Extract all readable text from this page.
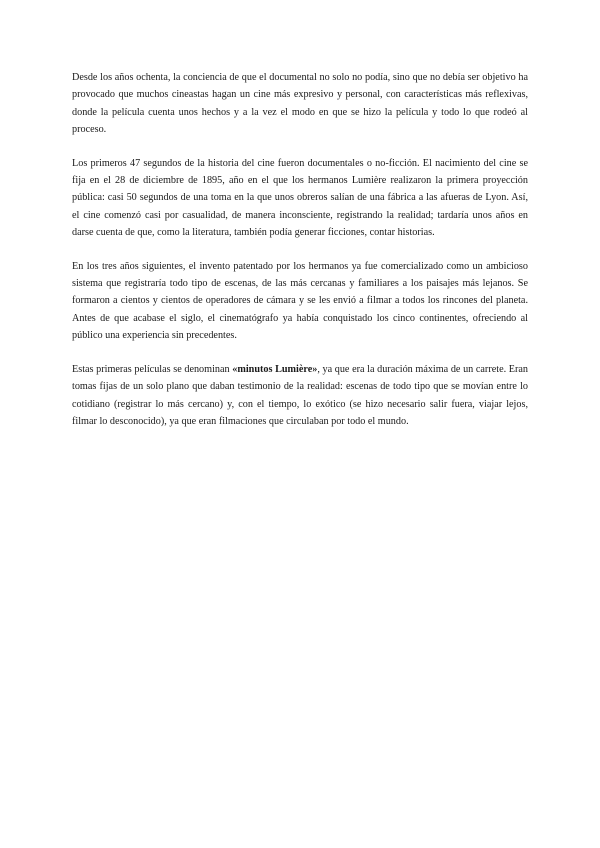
Desde los años ochenta, la conciencia de que el documental no solo no podía, sino que no debía ser objetivo ha provocado que muchos cineastas hagan un cine más expresivo y personal, con características más reflexivas, donde la película cuenta unos hechos y a la vez el modo en que se hizo la película y todo lo que rodeó al proceso.

Los primeros 47 segundos de la historia del cine fueron documentales o no-ficción. El nacimiento del cine se fija en el 28 de diciembre de 1895, año en el que los hermanos Lumière realizaron la primera proyección pública: casi 50 segundos de una toma en la que unos obreros salían de una fábrica a las afueras de Lyon. Así, el cine comenzó casi por casualidad, de manera inconsciente, registrando la realidad; tardaría unos años en darse cuenta de que, como la literatura, también podía generar ficciones, contar historias.

En los tres años siguientes, el invento patentado por los hermanos ya fue comercializado como un ambicioso sistema que registraría todo tipo de escenas, de las más cercanas y familiares a los paisajes más lejanos. Se formaron a cientos y cientos de operadores de cámara y se les envió a filmar a todos los rincones del planeta. Antes de que acabase el siglo, el cinematógrafo ya había conquistado los cinco continentes, ofreciendo al público una experiencia sin precedentes.

Estas primeras películas se denominan «minutos Lumière», ya que era la duración máxima de un carrete. Eran tomas fijas de un solo plano que daban testimonio de la realidad: escenas de todo tipo que se movían entre lo cotidiano (registrar lo más cercano) y, con el tiempo, lo exótico (se hizo necesario salir fuera, viajar lejos, filmar lo desconocido), ya que eran filmaciones que circulaban por todo el mundo.
